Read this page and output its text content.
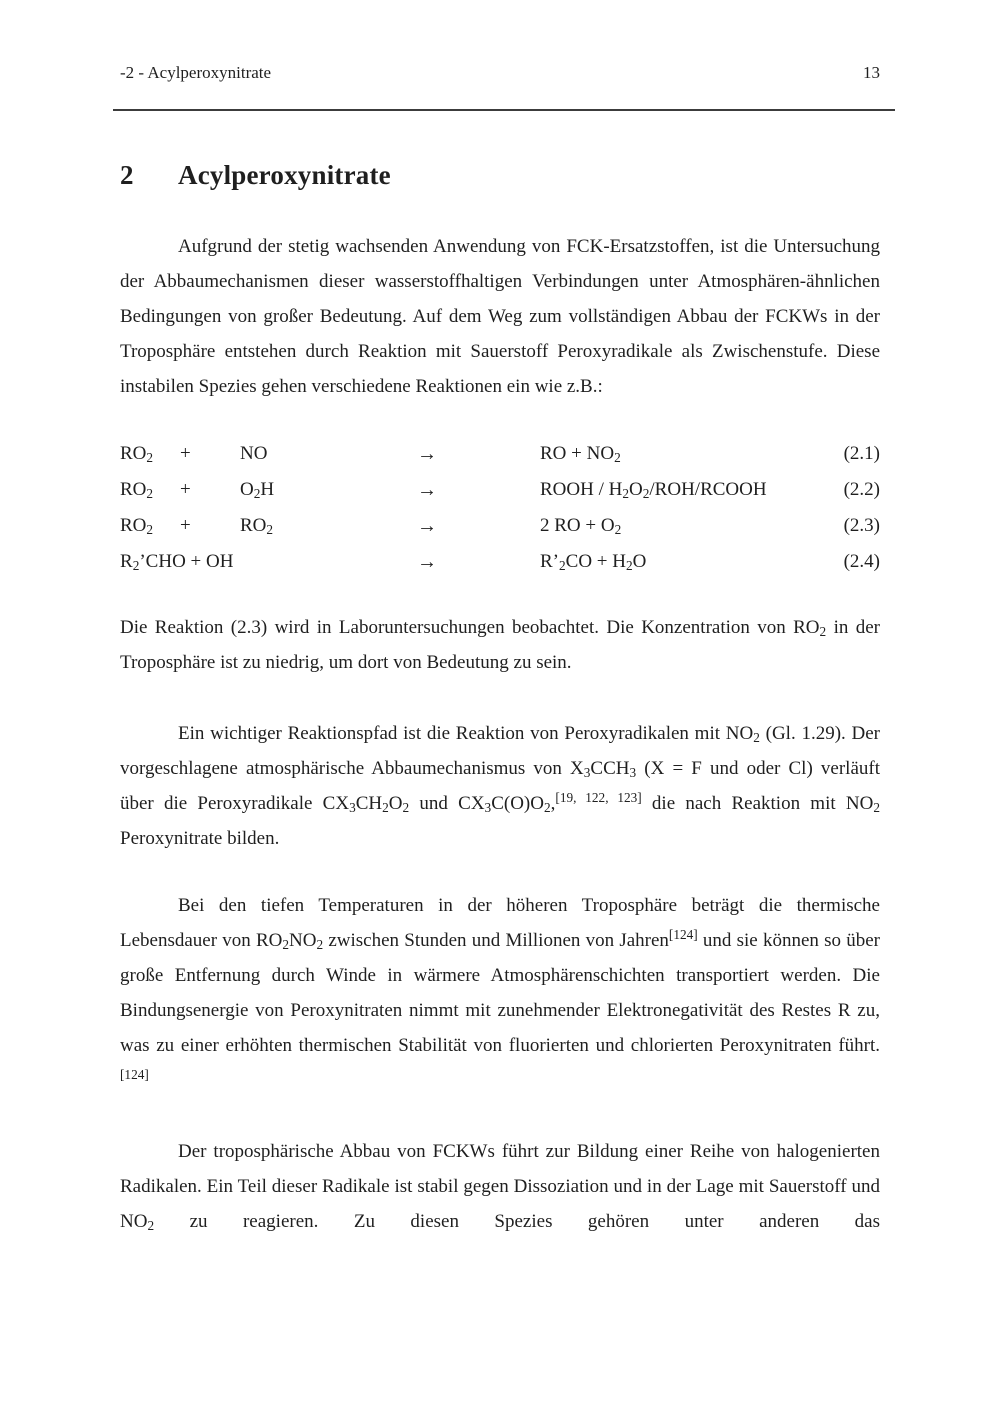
-2 - Acylperoxynitrate	13
2	Acylperoxynitrate

Aufgrund der stetig wachsenden Anwendung von FCK-Ersatzstoffen, ist die Untersuchung der Abbaumechanismen dieser wasserstoffhaltigen Verbindungen unter Atmosphären-ähnlichen Bedingungen von großer Bedeutung. Auf dem Weg zum vollständigen Abbau der FCKWs in der Troposphäre entstehen durch Reaktion mit Sauerstoff Peroxyradikale als Zwischenstufe. Diese instabilen Spezies gehen verschiedene Reaktionen ein wie z.B.:

$RO_2$	+	NO	→	RO + $NO_2$	(2.1)
$RO_2$	+	$O_2H$	→	ROOH / $H_2O_2/ROH$/RCOOH	(2.2)
$RO_2$	+	$RO_2$	→	2 RO + $O_2$	(2.3)
$R_2’CHO$ + OH	→	$R’_2CO + H_2O$	(2.4)

Die Reaktion (2.3) wird in Laboruntersuchungen beobachtet. Die Konzentration von $RO_2$ in der Troposphäre ist zu niedrig, um dort von Bedeutung zu sein.

Ein wichtiger Reaktionspfad ist die Reaktion von Peroxyradikalen mit $NO_2$ (Gl. 1.29). Der vorgeschlagene atmosphärische Abbaumechanismus von $X_3CCH_3$ (X = F und oder Cl) verläuft über die Peroxyradikale $CX_3CH_2O_2$ und $CX_3C(O)O_2,[19, 122, 123]$ die nach Reaktion mit $NO_2$ Peroxynitrate bilden.

Bei den tiefen Temperaturen in der höheren Troposphäre beträgt die thermische Lebensdauer von $RO_2NO_2$ zwischen Stunden und Millionen von Jahren[124] und sie können so über große Entfernung durch Winde in wärmere Atmosphärenschichten transportiert werden. Die Bindungsenergie von Peroxynitraten nimmt mit zunehmender Elektronegativität des Restes R zu, was zu einer erhöhten thermischen Stabilität von fluorierten und chlorierten Peroxynitraten führt.[124]

Der troposphärische Abbau von FCKWs führt zur Bildung einer Reihe von halogenierten Radikalen. Ein Teil dieser Radikale ist stabil gegen Dissoziation und in der Lage mit Sauerstoff und $NO_2$ zu reagieren. Zu diesen Spezies gehören unter anderen das
